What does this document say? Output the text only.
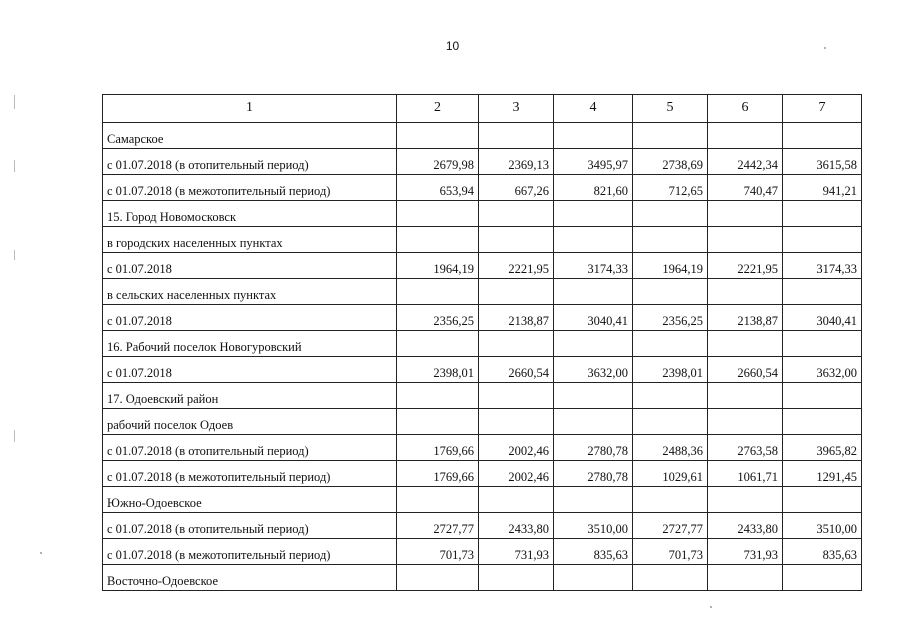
10
1	2	3	4	5	6	7
Самарское						
с 01.07.2018 (в отопительный период)	2679,98	2369,13	3495,97	2738,69	2442,34	3615,58
с 01.07.2018 (в межотопительный период)	653,94	667,26	821,60	712,65	740,47	941,21
15. Город Новомосковск						
в городских населенных пунктах						
с 01.07.2018	1964,19	2221,95	3174,33	1964,19	2221,95	3174,33
в сельских населенных пунктах						
с 01.07.2018	2356,25	2138,87	3040,41	2356,25	2138,87	3040,41
16. Рабочий поселок Новогуровский						
с 01.07.2018	2398,01	2660,54	3632,00	2398,01	2660,54	3632,00
17. Одоевский район						
рабочий поселок Одоев						
с 01.07.2018 (в отопительный период)	1769,66	2002,46	2780,78	2488,36	2763,58	3965,82
с 01.07.2018 (в межотопительный период)	1769,66	2002,46	2780,78	1029,61	1061,71	1291,45
Южно-Одоевское						
с 01.07.2018 (в отопительный период)	2727,77	2433,80	3510,00	2727,77	2433,80	3510,00
с 01.07.2018 (в межотопительный период)	701,73	731,93	835,63	701,73	731,93	835,63
Восточно-Одоевское						
